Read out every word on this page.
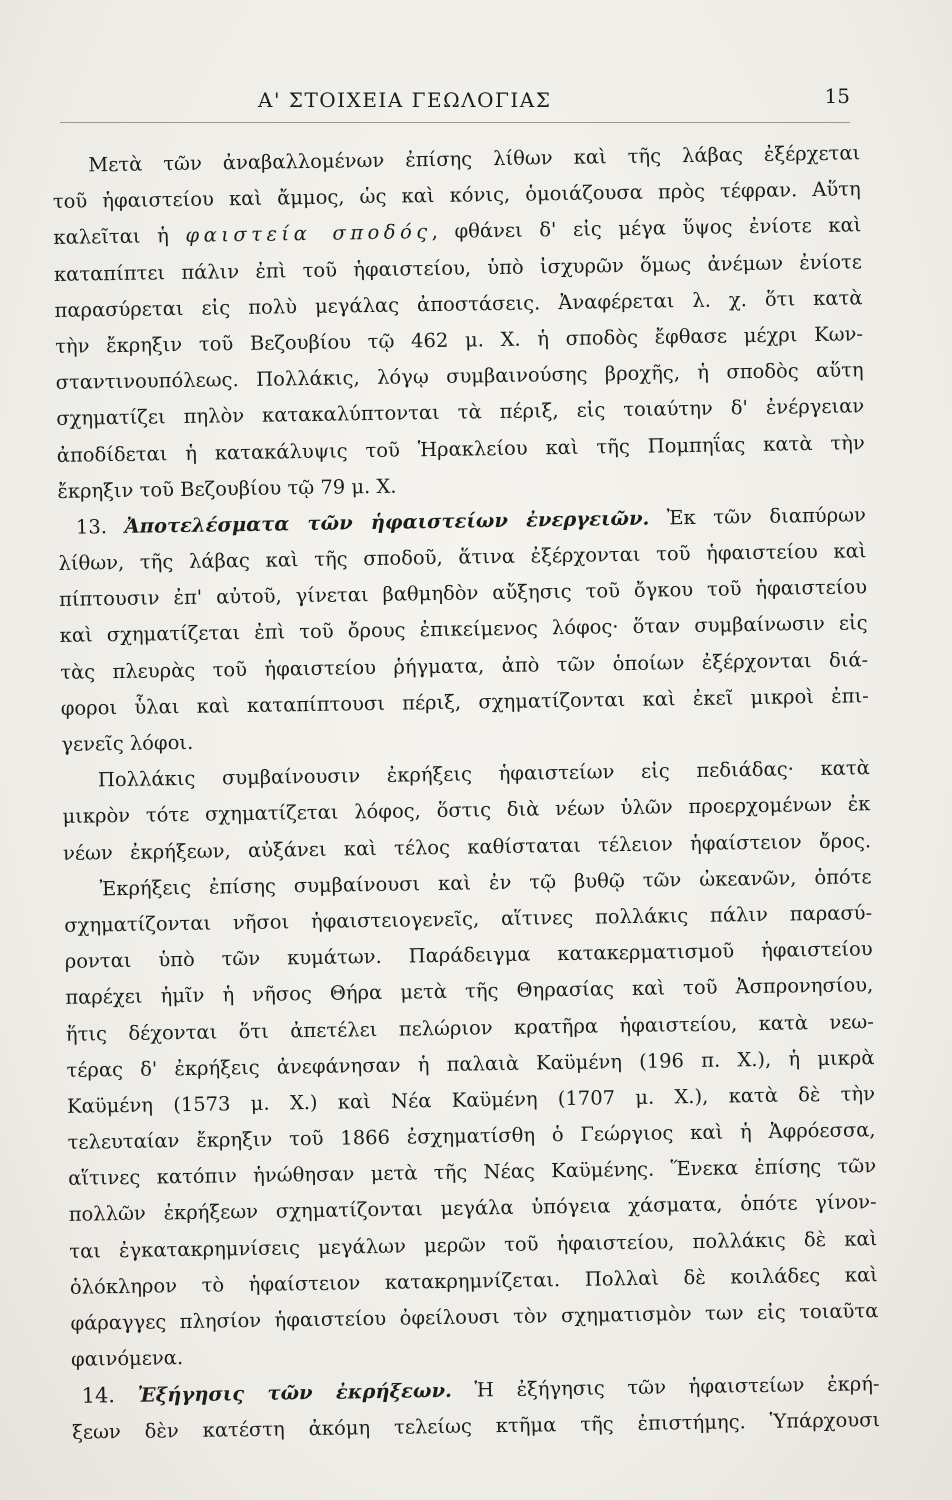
Α' ΣΤΟΙΧΕΙΑ ΓΕΩΛΟΓΙΑΣ	15
Μετὰ τῶν ἀναβαλλομένων ἐπίσης λίθων καὶ τῆς λάβας ἐξέρχεται
τοῦ ἡφαιστείου καὶ ἄμμος, ὡς καὶ κόνις, ὁμοιάζουσα πρὸς τέφραν. Αὕτη
καλεῖται ἡ φαιστεία σποδός, φθάνει δ' εἰς μέγα ὕψος ἐνίοτε καὶ
καταπίπτει πάλιν ἐπὶ τοῦ ἡφαιστείου, ὑπὸ ἰσχυρῶν ὅμως ἀνέμων ἐνίοτε
παρασύρεται εἰς πολὺ μεγάλας ἀποστάσεις. Ἀναφέρεται λ. χ. ὅτι κατὰ
τὴν ἔκρηξιν τοῦ Βεζουβίου τῷ 462 μ. Χ. ἡ σποδὸς ἔφθασε μέχρι Κων-
σταντινουπόλεως. Πολλάκις, λόγῳ συμβαινούσης βροχῆς, ἡ σποδὸς αὕτη
σχηματίζει πηλὸν κατακαλύπτονται τὰ πέριξ, εἰς τοιαύτην δ' ἐνέργειαν
ἀποδίδεται ἡ κατακάλυψις τοῦ Ἡρακλείου καὶ τῆς Πομπηΐας κατὰ τὴν
ἔκρηξιν τοῦ Βεζουβίου τῷ 79 μ. Χ.
13. Ἀποτελέσματα τῶν ἡφαιστείων ἐνεργειῶν. Ἐκ τῶν διαπύρων
λίθων, τῆς λάβας καὶ τῆς σποδοῦ, ἅτινα ἐξέρχονται τοῦ ἡφαιστείου καὶ
πίπτουσιν ἐπ' αὐτοῦ, γίνεται βαθμηδὸν αὔξησις τοῦ ὄγκου τοῦ ἡφαιστείου
καὶ σχηματίζεται ἐπὶ τοῦ ὄρους ἐπικείμενος λόφος· ὅταν συμβαίνωσιν εἰς
τὰς πλευρὰς τοῦ ἡφαιστείου ῥήγματα, ἀπὸ τῶν ὁποίων ἐξέρχονται διά-
φοροι ὗλαι καὶ καταπίπτουσι πέριξ, σχηματίζονται καὶ ἐκεῖ μικροὶ ἐπι-
γενεῖς λόφοι.
Πολλάκις συμβαίνουσιν ἐκρήξεις ἡφαιστείων εἰς πεδιάδας· κατὰ
μικρὸν τότε σχηματίζεται λόφος, ὅστις διὰ νέων ὑλῶν προερχομένων ἐκ
νέων ἐκρήξεων, αὐξάνει καὶ τέλος καθίσταται τέλειον ἡφαίστειον ὄρος.
Ἐκρήξεις ἐπίσης συμβαίνουσι καὶ ἐν τῷ βυθῷ τῶν ὠκεανῶν, ὁπότε
σχηματίζονται νῆσοι ἡφαιστειογενεῖς, αἵτινες πολλάκις πάλιν παρασύ-
ρονται ὑπὸ τῶν κυμάτων. Παράδειγμα κατακερματισμοῦ ἡφαιστείου
παρέχει ἡμῖν ἡ νῆσος Θήρα μετὰ τῆς Θηρασίας καὶ τοῦ Ἀσπρονησίου,
ἥτις δέχονται ὅτι ἀπετέλει πελώριον κρατῆρα ἡφαιστείου, κατὰ νεω-
τέρας δ' ἐκρήξεις ἀνεφάνησαν ἡ παλαιὰ Καϋμένη (196 π. Χ.), ἡ μικρὰ
Καϋμένη (1573 μ. Χ.) καὶ Νέα Καϋμένη (1707 μ. Χ.), κατὰ δὲ τὴν
τελευταίαν ἔκρηξιν τοῦ 1866 ἐσχηματίσθη ὁ Γεώργιος καὶ ἡ Ἀφρόεσσα,
αἵτινες κατόπιν ἡνώθησαν μετὰ τῆς Νέας Καϋμένης. Ἕνεκα ἐπίσης τῶν
πολλῶν ἐκρήξεων σχηματίζονται μεγάλα ὑπόγεια χάσματα, ὁπότε γίνον-
ται ἐγκατακρημνίσεις μεγάλων μερῶν τοῦ ἡφαιστείου, πολλάκις δὲ καὶ
ὁλόκληρον τὸ ἡφαίστειον κατακρημνίζεται. Πολλαὶ δὲ κοιλάδες καὶ
φάραγγες πλησίον ἡφαιστείου ὀφείλουσι τὸν σχηματισμὸν των εἰς τοιαῦτα
φαινόμενα.
14. Ἐξήγησις τῶν ἐκρήξεων. Ἡ ἐξήγησις τῶν ἡφαιστείων ἐκρή-
ξεων δὲν κατέστη ἀκόμη τελείως κτῆμα τῆς ἐπιστήμης. Ὑπάρχουσι
